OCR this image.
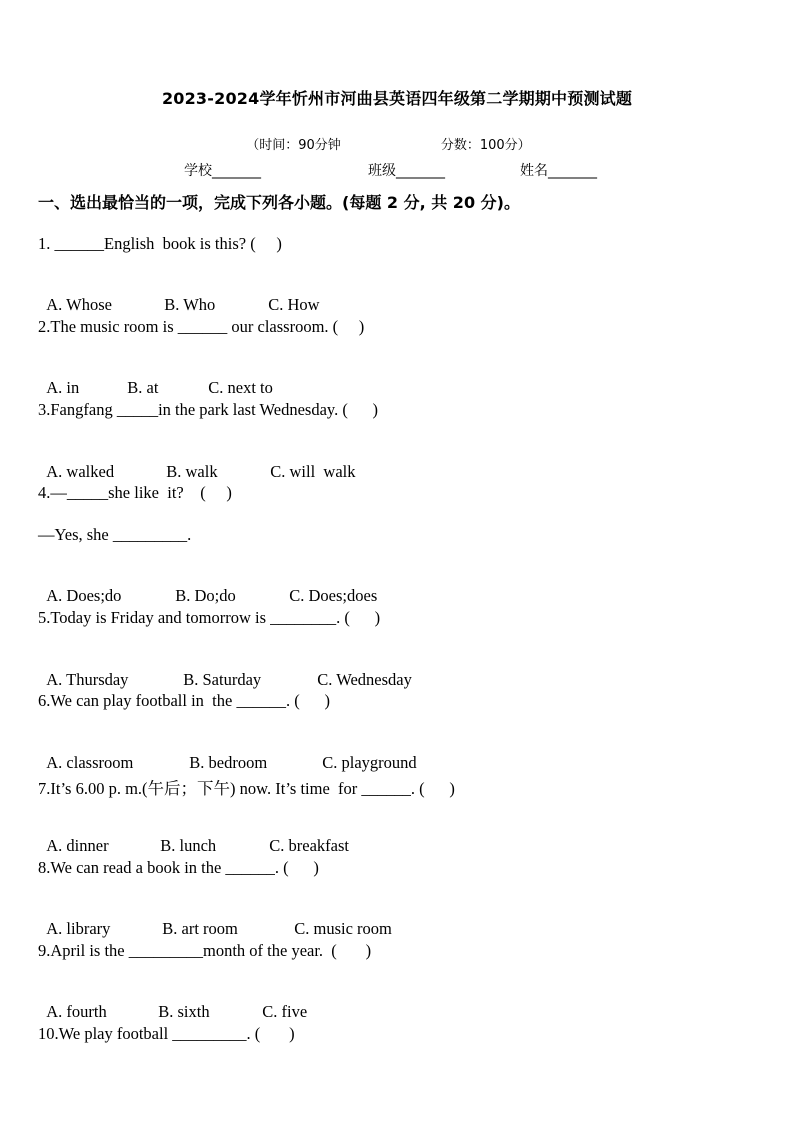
2023-2024学年忻州市河曲县英语四年级第二学期期中预测试题

（时间：90分钟	分数：100分）

学校_______	班级_______	姓名_______
一、选出最恰当的一项，完成下列各小题。(每题 2 分, 共 20 分)。
1. ______English  book is this? (     )

A. Whose	B. Who	C. How

2.The music room is ______ our classroom. (     )

A. in	B. at	C. next to

3.Fangfang _____in the park last Wednesday. (      )

A. walked	B. walk	C. will  walk

4.—_____she like  it?    (     )
—Yes, she _________.

A. Does;do	B. Do;do	C. Does;does

5.Today is Friday and tomorrow is ________. (      )

A. Thursday	B. Saturday	C. Wednesday

6.We can play football in  the ______. (      )

A. classroom	B. bedroom	C. playground

7.It’s 6.00 p. m.(午后；下午) now. It’s time  for ______. (      )

A. dinner	B. lunch	C. breakfast

8.We can read a book in the ______. (      )

A. library	B. art room	C. music room

9.April is the _________month of the year.  (       )

A. fourth	B. sixth	C. five

10.We play football _________. (       )
